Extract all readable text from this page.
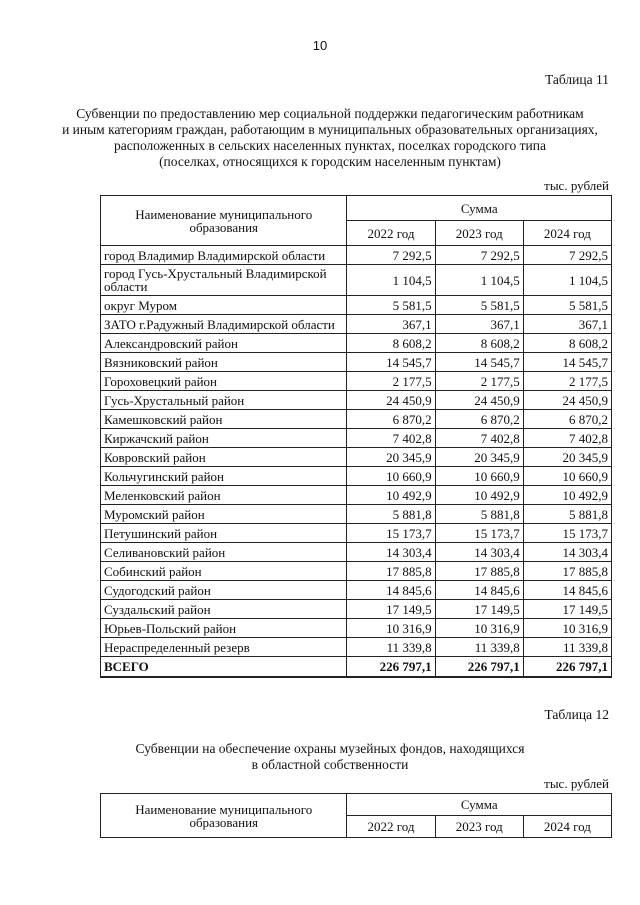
10
Таблица 11
Субвенции по предоставлению мер социальной поддержки педагогическим работникам
и иным категориям граждан, работающим в муниципальных образовательных организациях,
расположенных в сельских населенных пунктах, поселках городского типа
(поселках, относящихся к городским населенным пунктам)
тыс. рублей
Наименование муниципального образования	Сумма		
	2022 год	2023 год	2024 год
город Владимир Владимирской области	7 292,5	7 292,5	7 292,5
город Гусь-Хрустальный Владимирской области	1 104,5	1 104,5	1 104,5
округ Муром	5 581,5	5 581,5	5 581,5
ЗАТО г.Радужный Владимирской области	367,1	367,1	367,1
Александровский район	8 608,2	8 608,2	8 608,2
Вязниковский район	14 545,7	14 545,7	14 545,7
Гороховецкий район	2 177,5	2 177,5	2 177,5
Гусь-Хрустальный район	24 450,9	24 450,9	24 450,9
Камешковский район	6 870,2	6 870,2	6 870,2
Киржачский район	7 402,8	7 402,8	7 402,8
Ковровский район	20 345,9	20 345,9	20 345,9
Кольчугинский район	10 660,9	10 660,9	10 660,9
Меленковский район	10 492,9	10 492,9	10 492,9
Муромский район	5 881,8	5 881,8	5 881,8
Петушинский район	15 173,7	15 173,7	15 173,7
Селивановский район	14 303,4	14 303,4	14 303,4
Собинский район	17 885,8	17 885,8	17 885,8
Судогодский район	14 845,6	14 845,6	14 845,6
Суздальский район	17 149,5	17 149,5	17 149,5
Юрьев-Польский район	10 316,9	10 316,9	10 316,9
Нераспределенный резерв	11 339,8	11 339,8	11 339,8
ВСЕГО	226 797,1	226 797,1	226 797,1
Таблица 12
Субвенции на обеспечение охраны музейных фондов, находящихся
в областной собственности
тыс. рублей
Наименование муниципального образования	Сумма		
	2022 год	2023 год	2024 год
